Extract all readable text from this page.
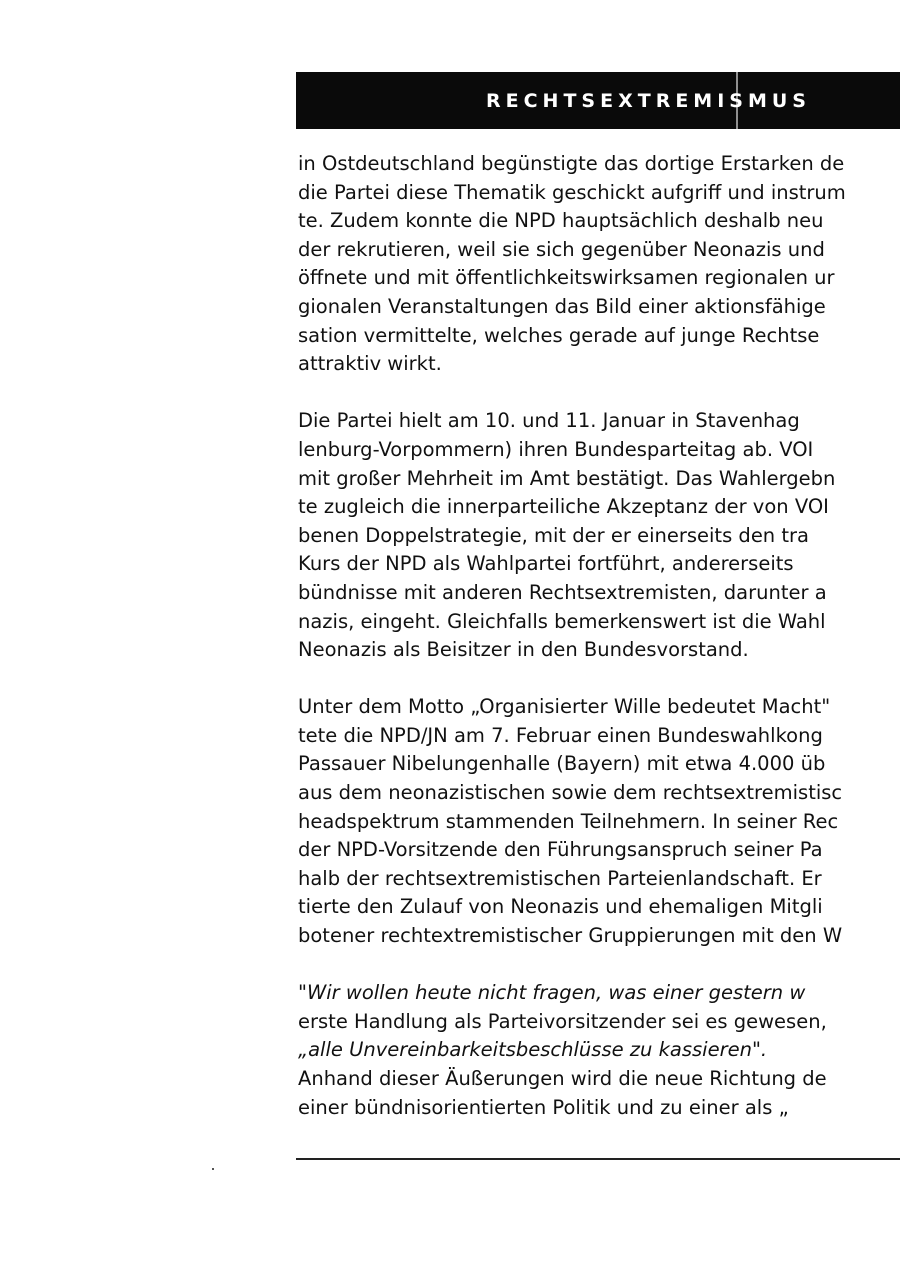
RECHTSEXTREMISMUS
in Ostdeutschland begünstigte das dortige Erstarken de
die Partei diese Thematik geschickt aufgriff und instrum
te. Zudem konnte die NPD hauptsächlich deshalb neu
der rekrutieren, weil sie sich gegenüber Neonazis und
öffnete und mit öffentlichkeitswirksamen regionalen ur
gionalen Veranstaltungen das Bild einer aktionsfähige
sation vermittelte, welches gerade auf junge Rechtse
attraktiv wirkt.
Die Partei hielt am 10. und 11. Januar in Stavenhag
lenburg-Vorpommern) ihren Bundesparteitag ab. VOI
mit großer Mehrheit im Amt bestätigt. Das Wahlergebn
te zugleich die innerparteiliche Akzeptanz der von VOI
benen Doppelstrategie, mit der er einerseits den tra
Kurs der NPD als Wahlpartei fortführt, andererseits
bündnisse mit anderen Rechtsextremisten, darunter a
nazis, eingeht. Gleichfalls bemerkenswert ist die Wahl
Neonazis als Beisitzer in den Bundesvorstand.
Unter dem Motto „Organisierter Wille bedeutet Macht"
tete die NPD/JN am 7. Februar einen Bundeswahlkong
Passauer Nibelungenhalle (Bayern) mit etwa 4.000 üb
aus dem neonazistischen sowie dem rechtsextremistisc
headspektrum stammenden Teilnehmern. In seiner Rec
der NPD-Vorsitzende den Führungsanspruch seiner Pa
halb der rechtsextremistischen Parteienlandschaft. Er
tierte den Zulauf von Neonazis und ehemaligen Mitgli
botener rechtextremistischer Gruppierungen mit den W
"Wir wollen heute nicht fragen, was einer gestern w
erste Handlung als Parteivorsitzender sei es gewesen,
„alle Unvereinbarkeitsbeschlüsse zu kassieren".
Anhand dieser Äußerungen wird die neue Richtung de
einer bündnisorientierten Politik und zu einer als „
